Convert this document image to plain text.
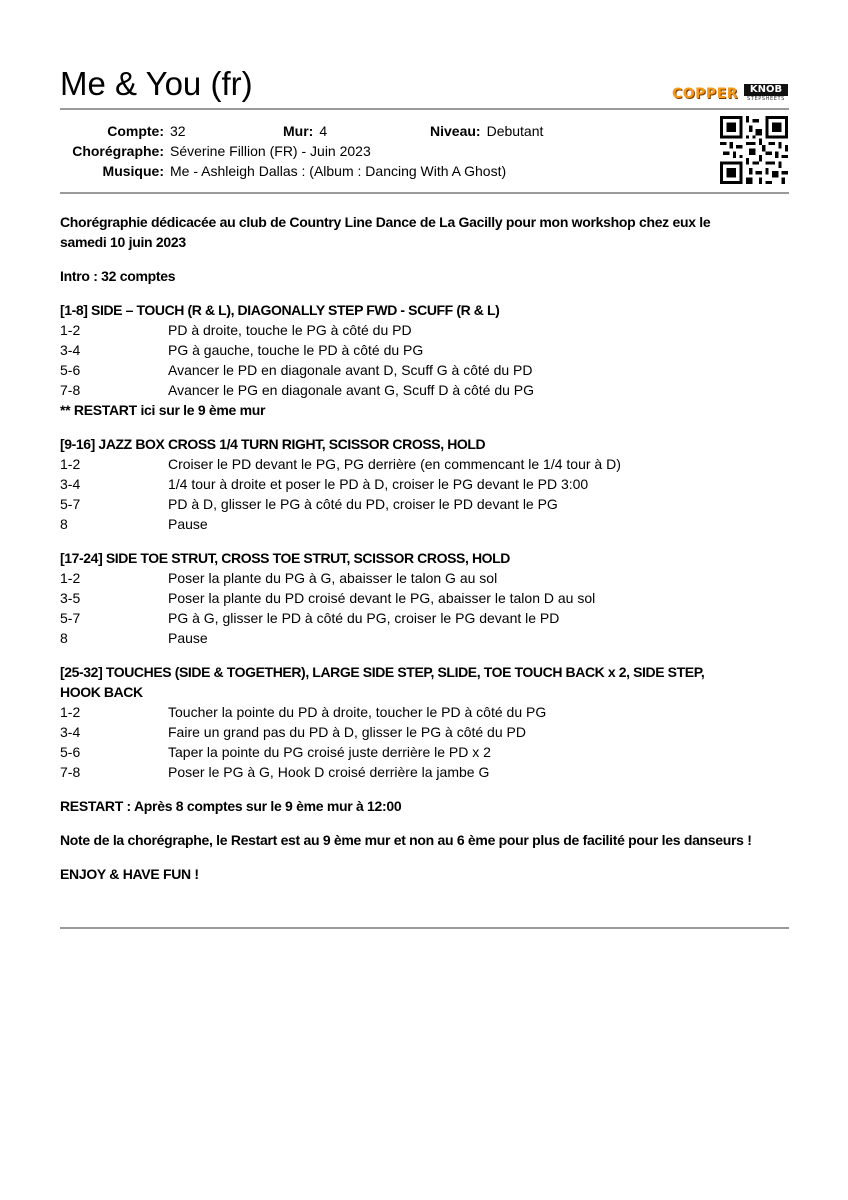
Me & You (fr)	COPPER	KNOB
STEPSHEETS
Compte: 32	Mur: 4	Niveau: Debutant
Chorégraphe: Séverine Fillion (FR) - Juin 2023
Musique: Me - Ashleigh Dallas : (Album : Dancing With A Ghost)

Chorégraphie dédicacée au club de Country Line Dance de La Gacilly pour mon workshop chez eux le

samedi 10 juin 2023

Intro : 32 comptes

[1-8] SIDE – TOUCH (R & L), DIAGONALLY STEP FWD - SCUFF (R & L)

1-2	PD à droite, touche le PG à côté du PD
3-4	PG à gauche, touche le PD à côté du PG
5-6	Avancer le PD en diagonale avant D, Scuff G à côté du PD
7-8	Avancer le PG en diagonale avant G, Scuff D à côté du PG

** RESTART ici sur le 9 ème mur

[9-16] JAZZ BOX CROSS 1/4 TURN RIGHT, SCISSOR CROSS, HOLD

1-2	Croiser le PD devant le PG, PG derrière (en commencant le 1/4 tour à D)
3-4	1/4 tour à droite et poser le PD à D, croiser le PG devant le PD 3:00
5-7	PD à D, glisser le PG à côté du PD, croiser le PD devant le PG
8	Pause

[17-24] SIDE TOE STRUT, CROSS TOE STRUT, SCISSOR CROSS, HOLD

1-2	Poser la plante du PG à G, abaisser le talon G au sol
3-5	Poser la plante du PD croisé devant le PG, abaisser le talon D au sol
5-7	PG à G, glisser le PD à côté du PG, croiser le PG devant le PD
8	Pause

[25-32] TOUCHES (SIDE & TOGETHER), LARGE SIDE STEP, SLIDE, TOE TOUCH BACK x 2, SIDE STEP,

HOOK BACK

1-2	Toucher la pointe du PD à droite, toucher le PD à côté du PG
3-4	Faire un grand pas du PD à D, glisser le PG à côté du PD
5-6	Taper la pointe du PG croisé juste derrière le PD x 2
7-8	Poser le PG à G, Hook D croisé derrière la jambe G

RESTART : Après 8 comptes sur le 9 ème mur à 12:00

Note de la chorégraphe, le Restart est au 9 ème mur et non au 6 ème pour plus de facilité pour les danseurs !

ENJOY & HAVE FUN !
